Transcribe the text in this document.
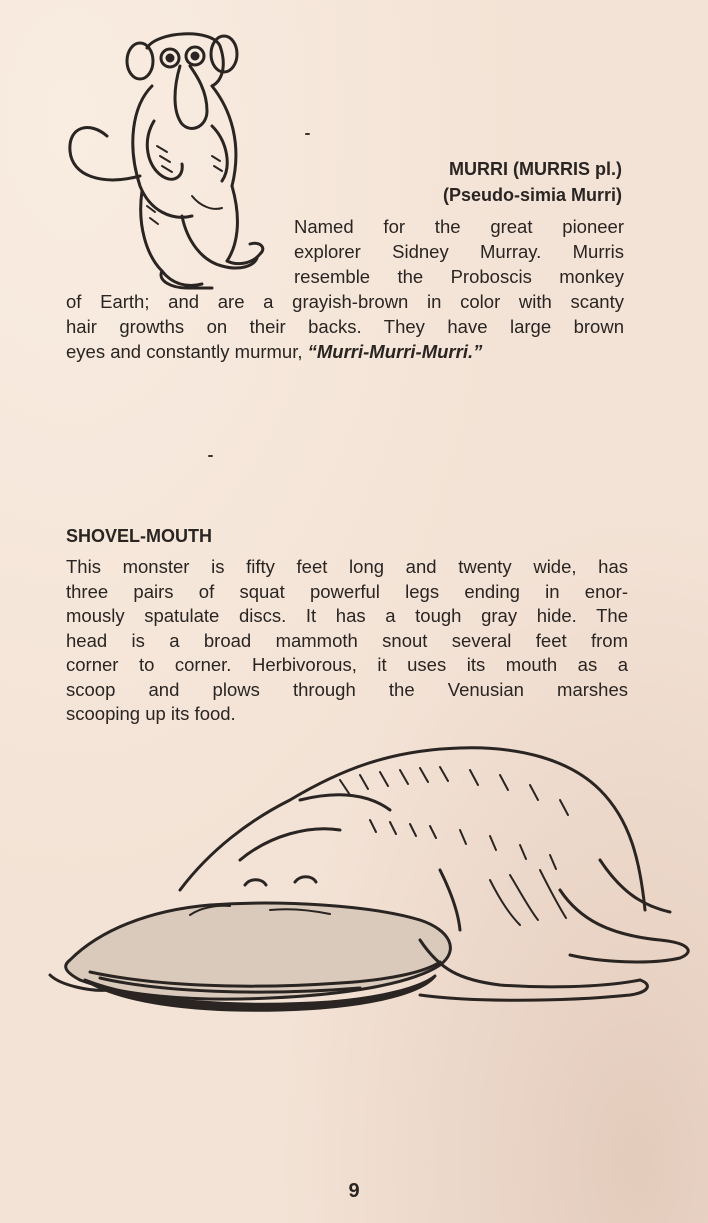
MURRI (MURRIS pl.)
(Pseudo-simia Murri)
Named for the great pioneer
explorer Sidney Murray. Murris
resemble the Proboscis monkey
of Earth; and are a grayish-brown in color with scanty
hair growths on their backs. They have large brown
eyes and constantly murmur, “Murri-Murri-Murri.”
SHOVEL-MOUTH
This monster is fifty feet long and twenty wide, has
three pairs of squat powerful legs ending in enor-
mously spatulate discs. It has a tough gray hide. The
head is a broad mammoth snout several feet from
corner to corner. Herbivorous, it uses its mouth as a
scoop and plows through the Venusian marshes
scooping up its food.
9
